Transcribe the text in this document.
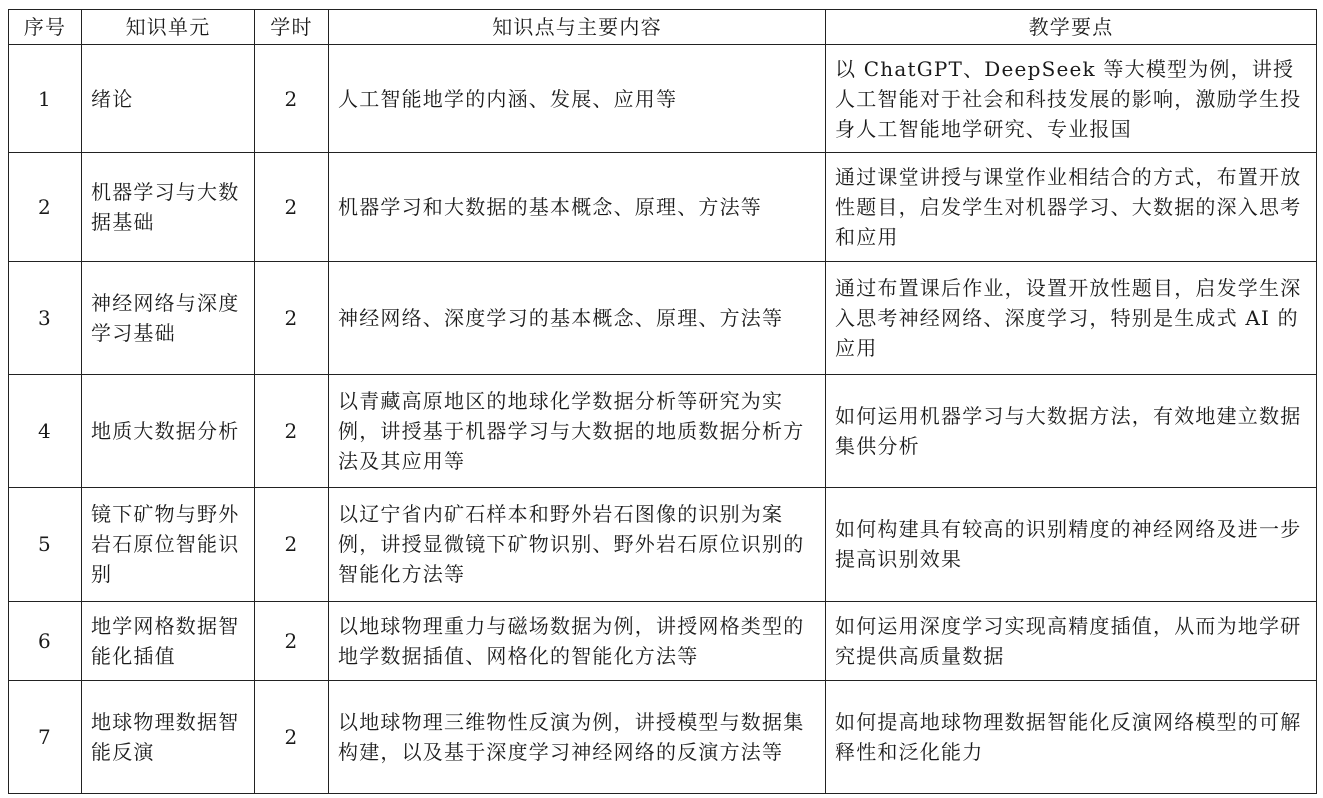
序号	知识单元	学时	知识点与主要内容	教学要点
1	绪论	2	人工智能地学的内涵、发展、应用等	以 ChatGPT、DeepSeek 等大模型为例，讲授人工智能对于社会和科技发展的影响，激励学生投身人工智能地学研究、专业报国
2	机器学习与大数据基础	2	机器学习和大数据的基本概念、原理、方法等	通过课堂讲授与课堂作业相结合的方式，布置开放性题目，启发学生对机器学习、大数据的深入思考和应用
3	神经网络与深度学习基础	2	神经网络、深度学习的基本概念、原理、方法等	通过布置课后作业，设置开放性题目，启发学生深入思考神经网络、深度学习，特别是生成式 AI 的应用
4	地质大数据分析	2	以青藏高原地区的地球化学数据分析等研究为实例，讲授基于机器学习与大数据的地质数据分析方法及其应用等	如何运用机器学习与大数据方法，有效地建立数据集供分析
5	镜下矿物与野外岩石原位智能识别	2	以辽宁省内矿石样本和野外岩石图像的识别为案例，讲授显微镜下矿物识别、野外岩石原位识别的智能化方法等	如何构建具有较高的识别精度的神经网络及进一步提高识别效果
6	地学网格数据智能化插值	2	以地球物理重力与磁场数据为例，讲授网格类型的地学数据插值、网格化的智能化方法等	如何运用深度学习实现高精度插值，从而为地学研究提供高质量数据
7	地球物理数据智能反演	2	以地球物理三维物性反演为例，讲授模型与数据集构建，以及基于深度学习神经网络的反演方法等	如何提高地球物理数据智能化反演网络模型的可解释性和泛化能力
